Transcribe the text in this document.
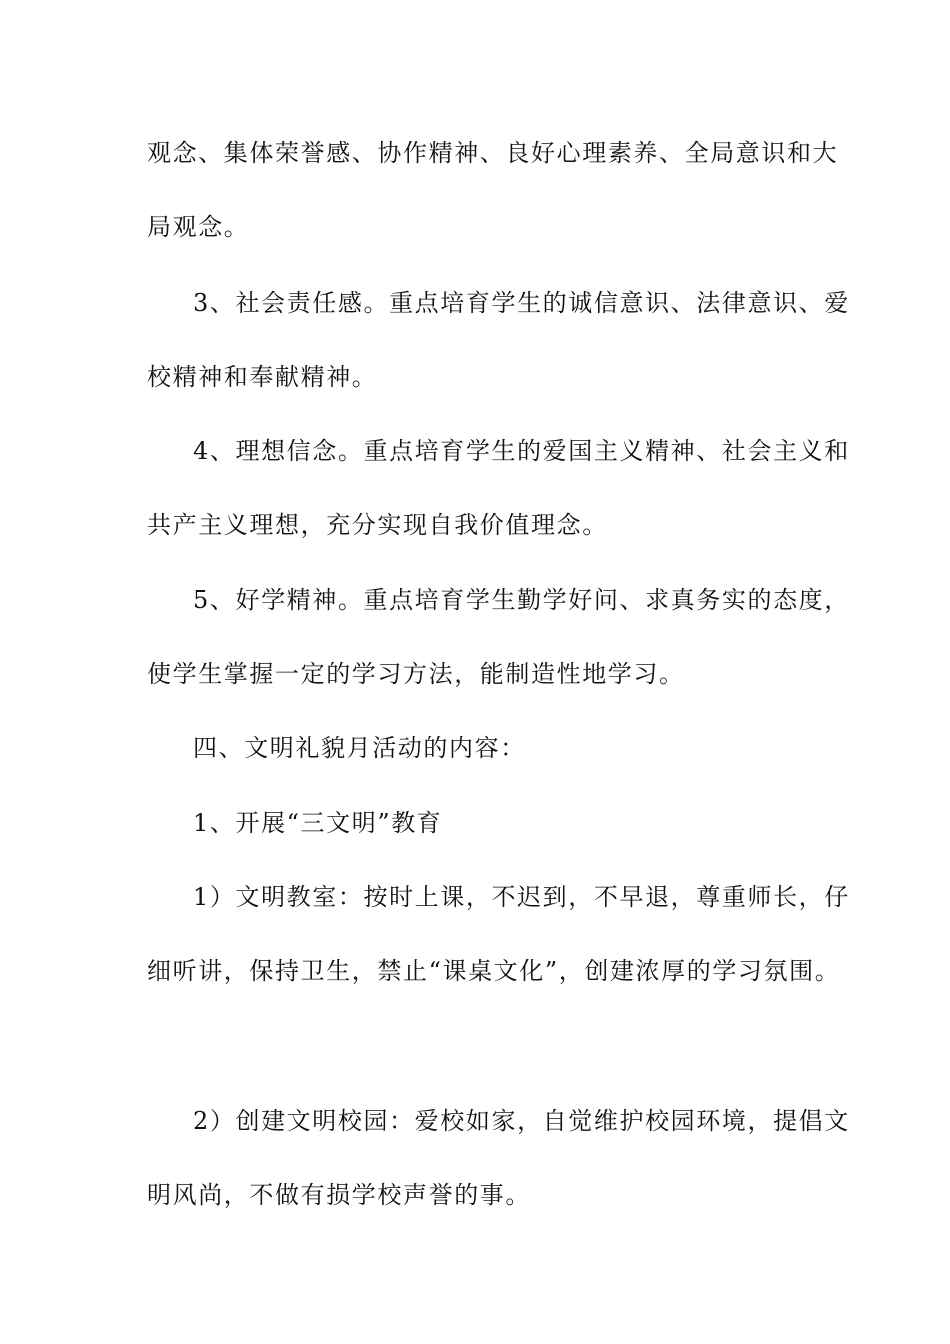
观念、集体荣誉感、协作精神、良好心理素养、全局意识和大
局观念。
3、社会责任感。重点培育学生的诚信意识、法律意识、爱
校精神和奉献精神。
4、理想信念。重点培育学生的爱国主义精神、社会主义和
共产主义理想，充分实现自我价值理念。
5、好学精神。重点培育学生勤学好问、求真务实的态度，
使学生掌握一定的学习方法，能制造性地学习。
四、文明礼貌月活动的内容：
1、开展“三文明”教育
1）文明教室：按时上课，不迟到，不早退，尊重师长，仔
细听讲，保持卫生，禁止“课桌文化”，创建浓厚的学习氛围。
2）创建文明校园：爱校如家，自觉维护校园环境，提倡文
明风尚，不做有损学校声誉的事。
